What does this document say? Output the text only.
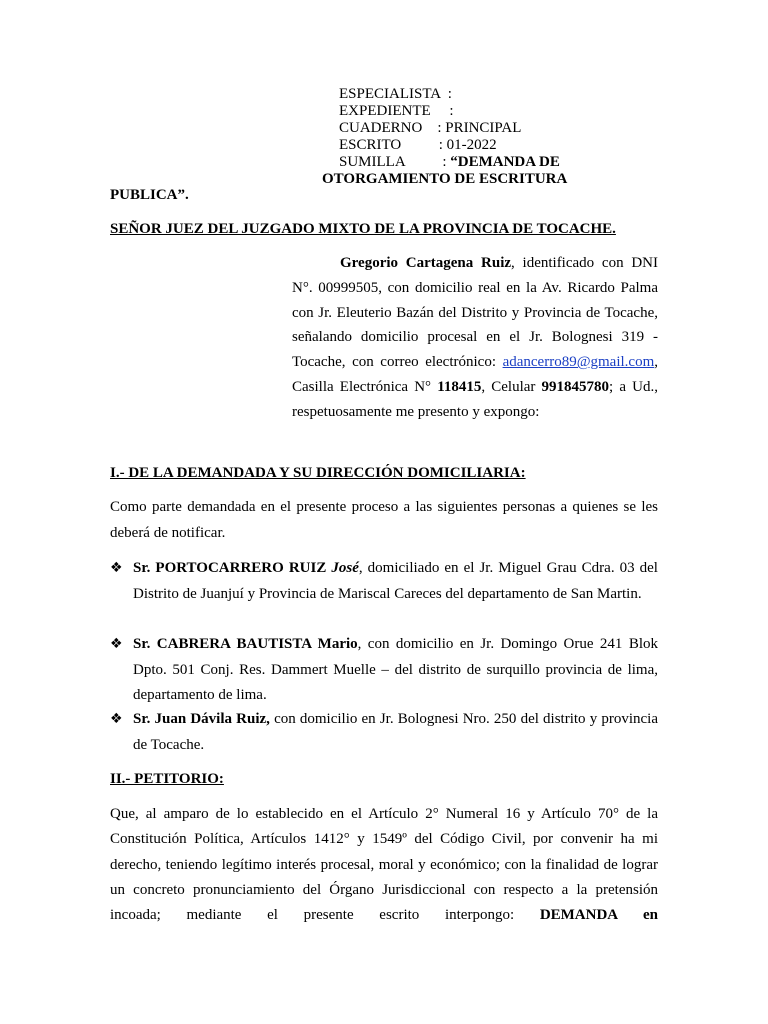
ESPECIALISTA  :
EXPEDIENTE     :
CUADERNO    : PRINCIPAL
ESCRITO          : 01-2022
SUMILLA          : “DEMANDA DE
OTORGAMIENTO DE ESCRITURA
PUBLICA”.
SEÑOR JUEZ DEL JUZGADO MIXTO DE LA PROVINCIA DE TOCACHE.
Gregorio Cartagena Ruiz, identificado con DNI N°. 00999505, con domicilio real en la Av. Ricardo Palma con Jr. Eleuterio Bazán del Distrito y Provincia de Tocache, señalando domicilio procesal en el Jr. Bolognesi 319 - Tocache, con correo electrónico: adancerro89@gmail.com, Casilla Electrónica N° 118415, Celular 991845780; a Ud., respetuosamente me presento y expongo:
I.- DE LA DEMANDADA Y SU DIRECCIÓN DOMICILIARIA:
Como parte demandada en el presente proceso a las siguientes personas a quienes se les deberá de notificar.
❖ Sr. PORTOCARRERO RUIZ José, domiciliado en el Jr. Miguel Grau Cdra. 03 del Distrito de Juanjuí y Provincia de Mariscal Careces del departamento de San Martin.
❖ Sr. CABRERA BAUTISTA Mario, con domicilio en Jr. Domingo Orue 241 Blok Dpto. 501 Conj. Res. Dammert Muelle – del distrito de surquillo provincia de lima, departamento de lima.
❖ Sr. Juan Dávila Ruiz, con domicilio en Jr. Bolognesi Nro. 250 del distrito y provincia de Tocache.
II.- PETITORIO:
Que, al amparo de lo establecido en el Artículo 2° Numeral 16 y Artículo 70° de la Constitución Política, Artículos 1412° y 1549º del Código Civil, por convenir ha mi derecho, teniendo legítimo interés procesal, moral y económico; con la finalidad de lograr un concreto pronunciamiento del Órgano Jurisdiccional con respecto a la pretensión incoada; mediante el presente escrito interpongo: DEMANDA en
